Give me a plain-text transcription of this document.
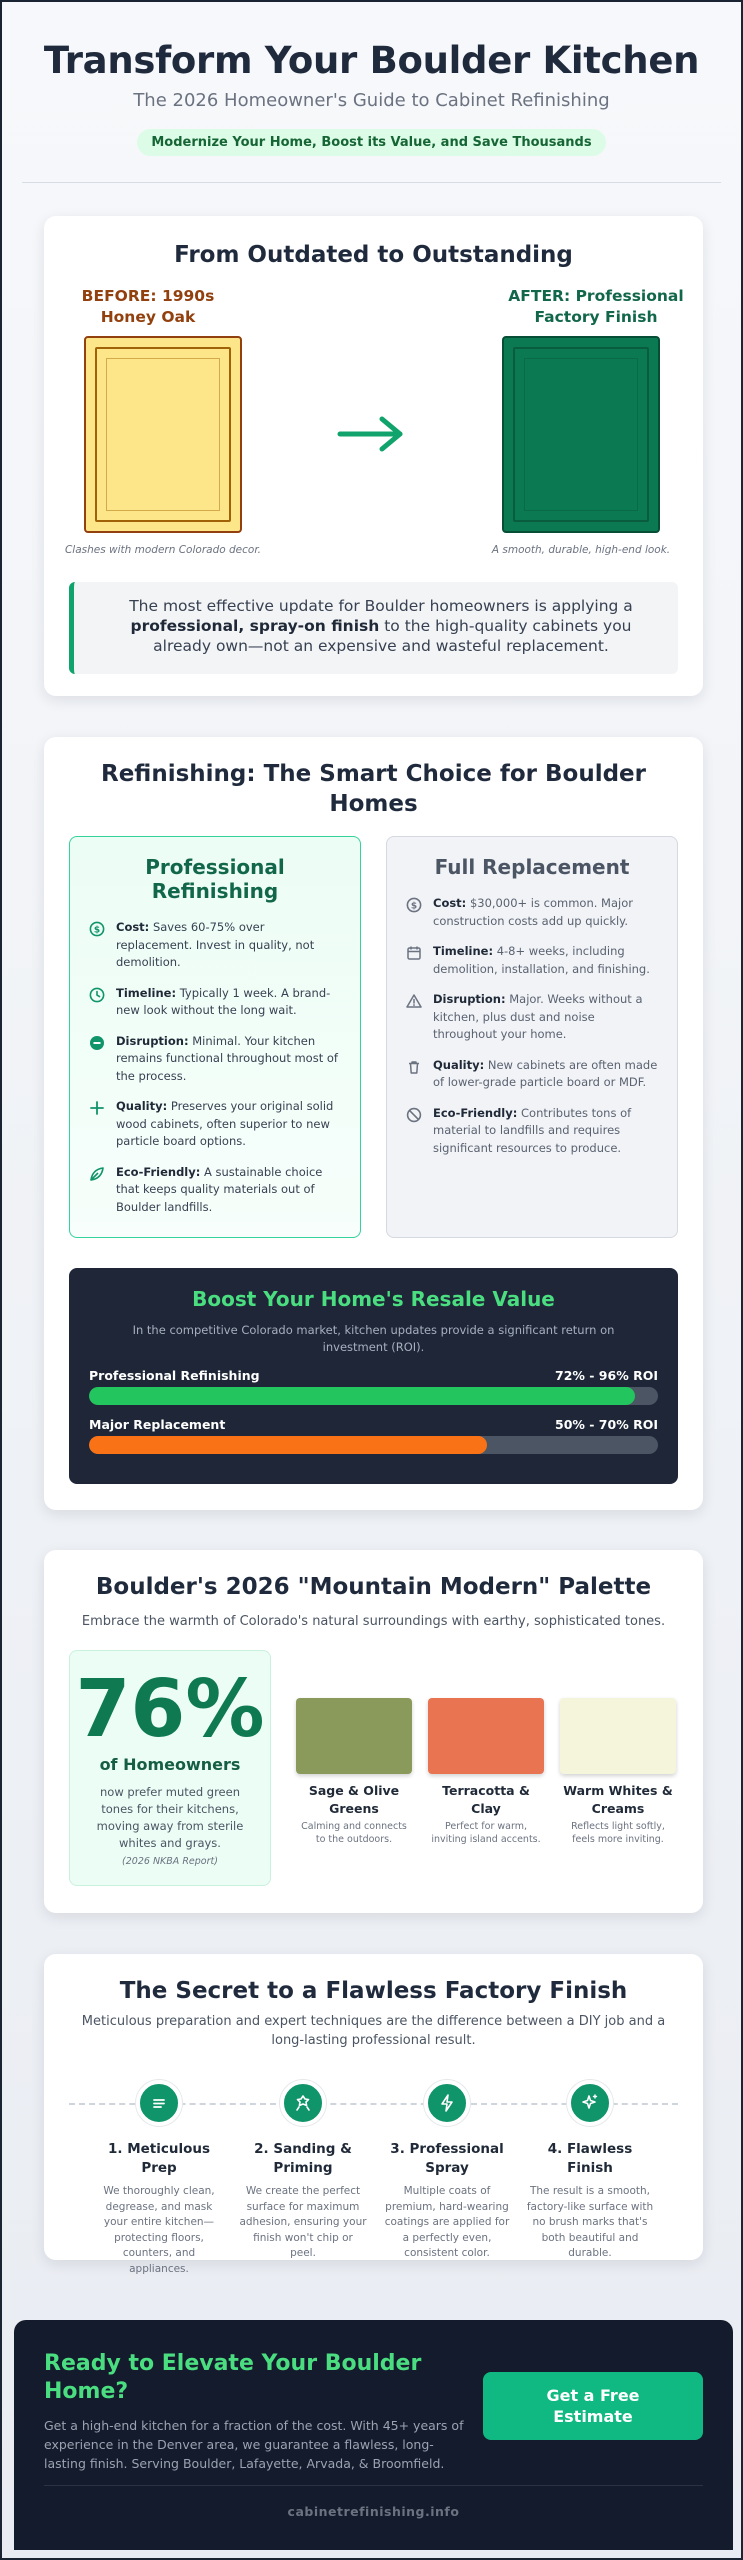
Transform Your Boulder Kitchen
The 2026 Homeowner's Guide to Cabinet Refinishing
Modernize Your Home, Boost its Value, and Save Thousands
From Outdated to Outstanding
BEFORE: 1990s Honey Oak
AFTER: Professional Factory Finish
Clashes with modern Colorado decor.	A smooth, durable, high-end look.
The most effective update for Boulder homeowners is applying a professional, spray-on finish to the high-quality cabinets you already own—not an expensive and wasteful replacement.
Refinishing: The Smart Choice for Boulder Homes
Professional Refinishing
$ Cost: Saves 60-75% over replacement. Invest in quality, not demolition.
Timeline: Typically 1 week. A brand-new look without the long wait.
Disruption: Minimal. Your kitchen remains functional throughout most of the process.
Quality: Preserves your original solid wood cabinets, often superior to new particle board options.
Eco-Friendly: A sustainable choice that keeps quality materials out of Boulder landfills.
Full Replacement
$ Cost: $30,000+ is common. Major construction costs add up quickly.
Timeline: 4-8+ weeks, including demolition, installation, and finishing.
Disruption: Major. Weeks without a kitchen, plus dust and noise throughout your home.
Quality: New cabinets are often made of lower-grade particle board or MDF.
Eco-Friendly: Contributes tons of material to landfills and requires significant resources to produce.
Boost Your Home's Resale Value

In the competitive Colorado market, kitchen updates provide a significant return on investment (ROI).

Professional Refinishing	72% - 96% ROI
Major Replacement	50% - 70% ROI
Boulder's 2026 "Mountain Modern" Palette
Embrace the warmth of Colorado's natural surroundings with earthy, sophisticated tones.
76%
of Homeowners
now prefer muted green tones for their kitchens, moving away from sterile whites and grays.
(2026 NKBA Report)
Sage & Olive Greens
Calming and connects to the outdoors.
Terracotta & Clay
Perfect for warm, inviting island accents.
Warm Whites & Creams
Reflects light softly, feels more inviting.
The Secret to a Flawless Factory Finish
Meticulous preparation and expert techniques are the difference between a DIY job and a long-lasting professional result.
1. Meticulous Prep
We thoroughly clean, degrease, and mask your entire kitchen—protecting floors, counters, and appliances.
2. Sanding & Priming
We create the perfect surface for maximum adhesion, ensuring your finish won't chip or peel.
3. Professional Spray
Multiple coats of premium, hard-wearing coatings are applied for a perfectly even, consistent color.
4. Flawless Finish
The result is a smooth, factory-like surface with no brush marks that's both beautiful and durable.
Ready to Elevate Your Boulder Home?

Get a high-end kitchen for a fraction of the cost. With 45+ years of experience in the Denver area, we guarantee a flawless, long-lasting finish. Serving Boulder, Lafayette, Arvada, & Broomfield.

Get a Free Estimate
cabinetrefinishing.info
